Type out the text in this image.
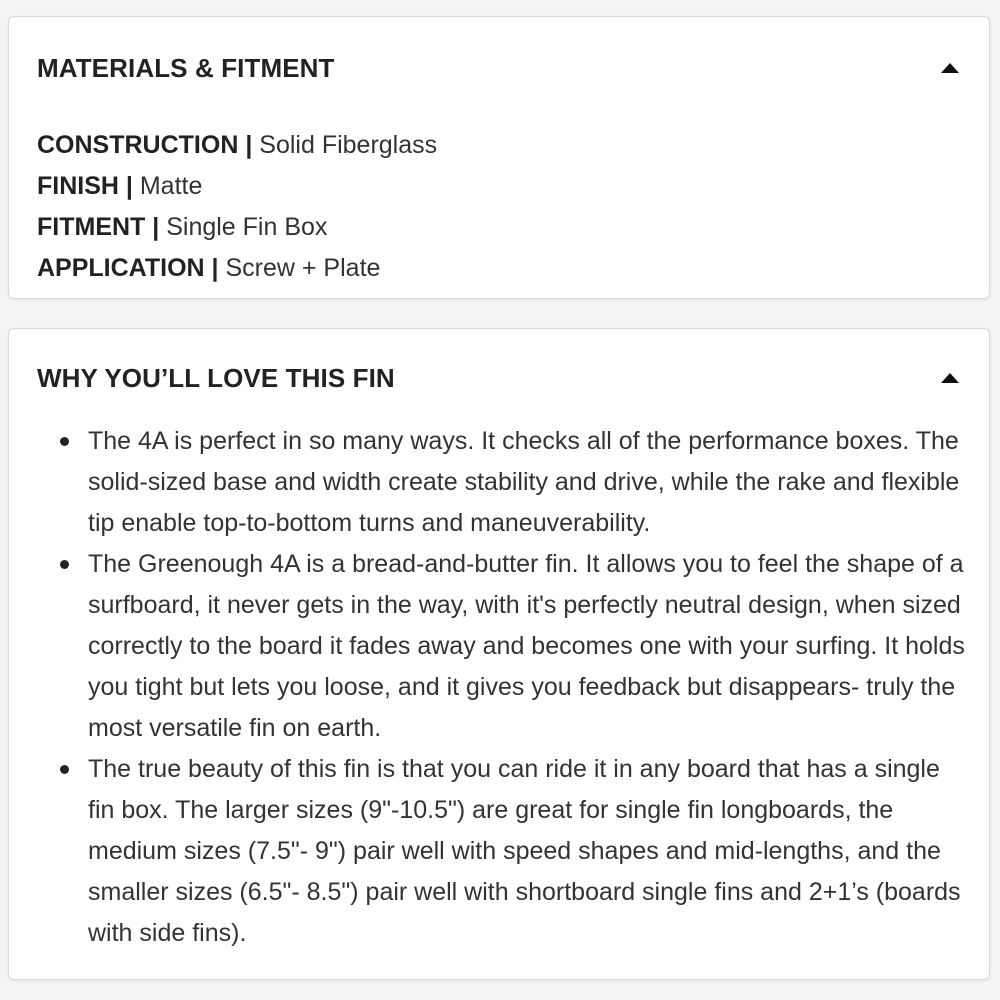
MATERIALS & FITMENT
CONSTRUCTION | Solid Fiberglass
FINISH | Matte
FITMENT | Single Fin Box
APPLICATION | Screw + Plate
WHY YOU’LL LOVE THIS FIN
The 4A is perfect in so many ways. It checks all of the performance boxes. The solid-sized base and width create stability and drive, while the rake and flexible tip enable top-to-bottom turns and maneuverability.
The Greenough 4A is a bread-and-butter fin. It allows you to feel the shape of a surfboard, it never gets in the way, with it's perfectly neutral design, when sized correctly to the board it fades away and becomes one with your surfing. It holds you tight but lets you loose, and it gives you feedback but disappears- truly the most versatile fin on earth.
The true beauty of this fin is that you can ride it in any board that has a single fin box. The larger sizes (9"-10.5") are great for single fin longboards, the medium sizes (7.5"- 9") pair well with speed shapes and mid-lengths, and the smaller sizes (6.5"- 8.5") pair well with shortboard single fins and 2+1’s (boards with side fins).
